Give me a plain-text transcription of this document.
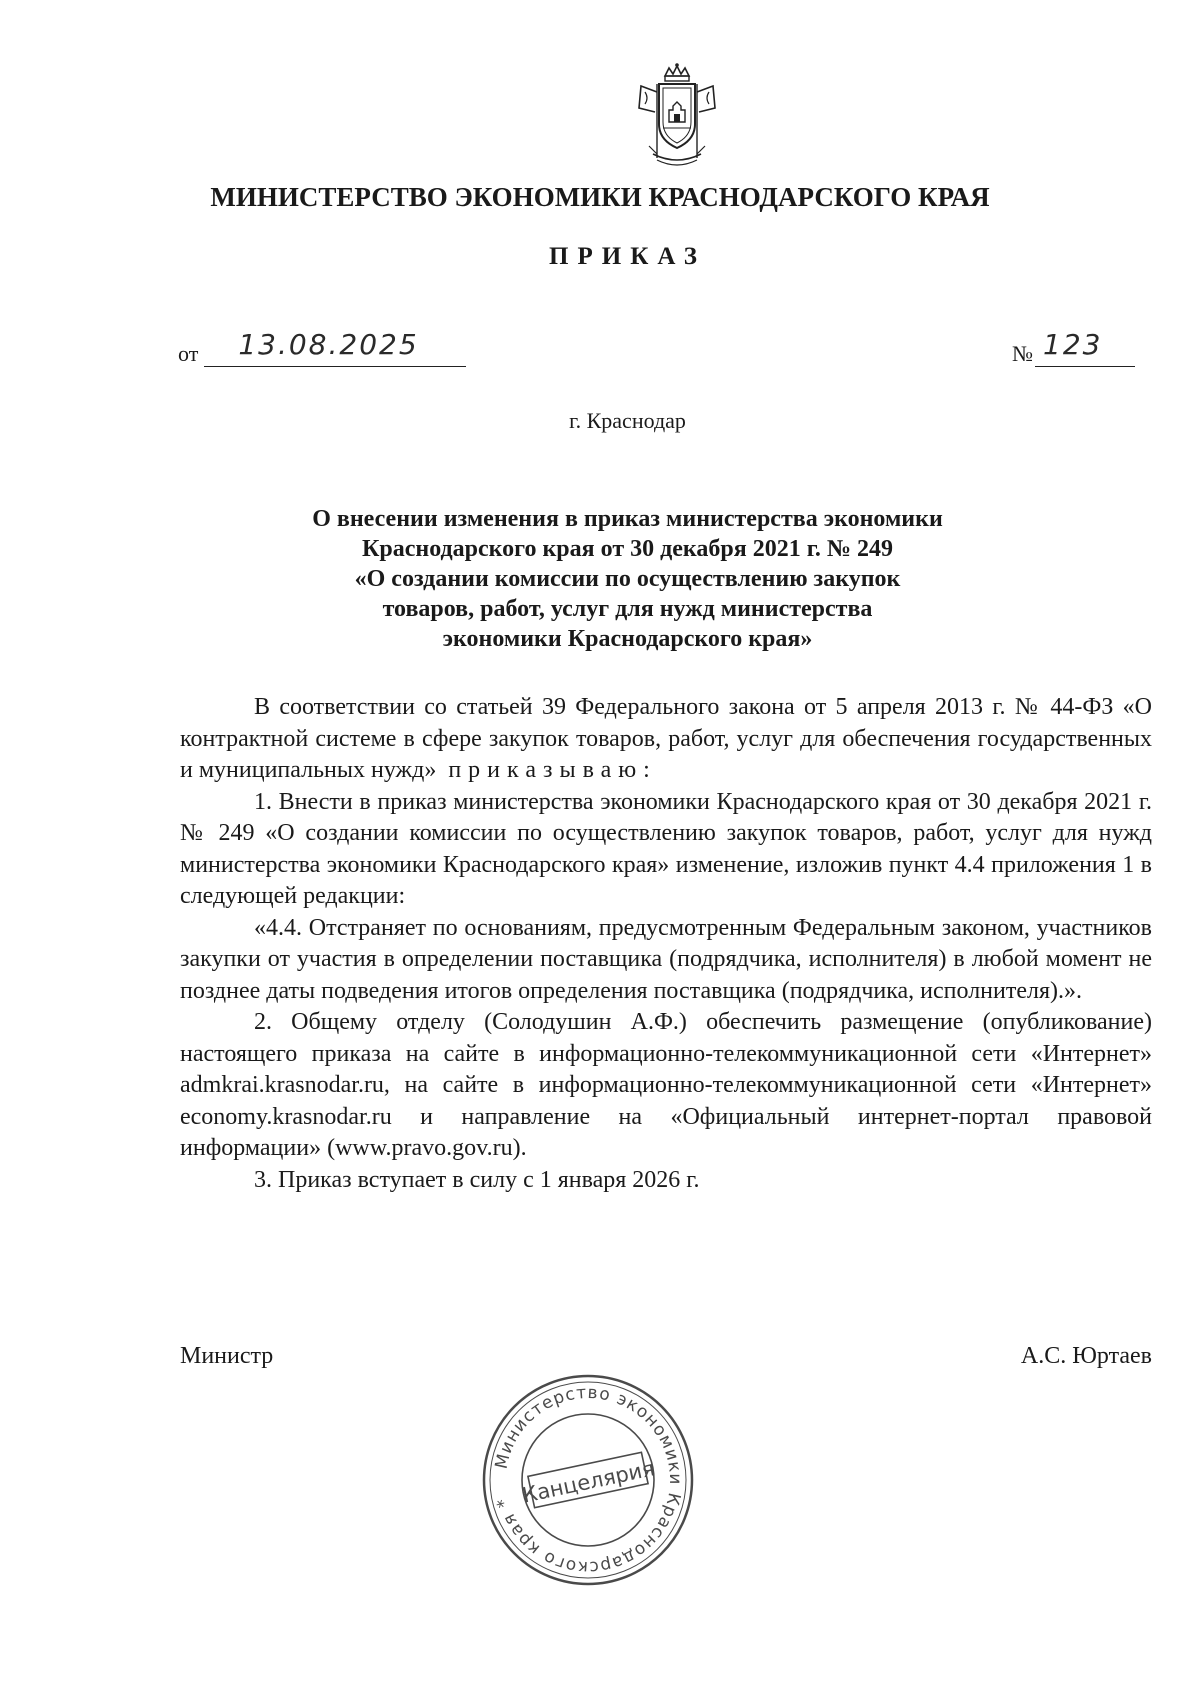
МИНИСТЕРСТВО ЭКОНОМИКИ КРАСНОДАРСКОГО КРАЯ
ПРИКАЗ
от 13.08.2025	№ 123
г. Краснодар
О внесении изменения в приказ министерства экономики
Краснодарского края от 30 декабря 2021 г. № 249
«О создании комиссии по осуществлению закупок
товаров, работ, услуг для нужд министерства
экономики Краснодарского края»

В соответствии со статьей 39 Федерального закона от 5 апреля 2013 г. № 44-ФЗ «О контрактной системе в сфере закупок товаров, работ, услуг для обеспечения государственных и муниципальных нужд» приказываю:

1. Внести в приказ министерства экономики Краснодарского края от 30 декабря 2021 г. № 249 «О создании комиссии по осуществлению закупок товаров, работ, услуг для нужд министерства экономики Краснодарского края» изменение, изложив пункт 4.4 приложения 1 в следующей редакции:

«4.4. Отстраняет по основаниям, предусмотренным Федеральным законом, участников закупки от участия в определении поставщика (подрядчика, исполнителя) в любой момент не позднее даты подведения итогов определения поставщика (подрядчика, исполнителя).».

2. Общему отделу (Солодушин А.Ф.) обеспечить размещение (опубликование) настоящего приказа на сайте в информационно-телекоммуникационной сети «Интернет» admkrai.krasnodar.ru, на сайте в информационно-телекоммуникационной сети «Интернет» economy.krasnodar.ru и направление на «Официальный интернет-портал правовой информации» (www.pravo.gov.ru).

3. Приказ вступает в силу с 1 января 2026 г.

Министр	А.С. Юртаев
Министерство экономики Краснодарского края * Канцелярия
